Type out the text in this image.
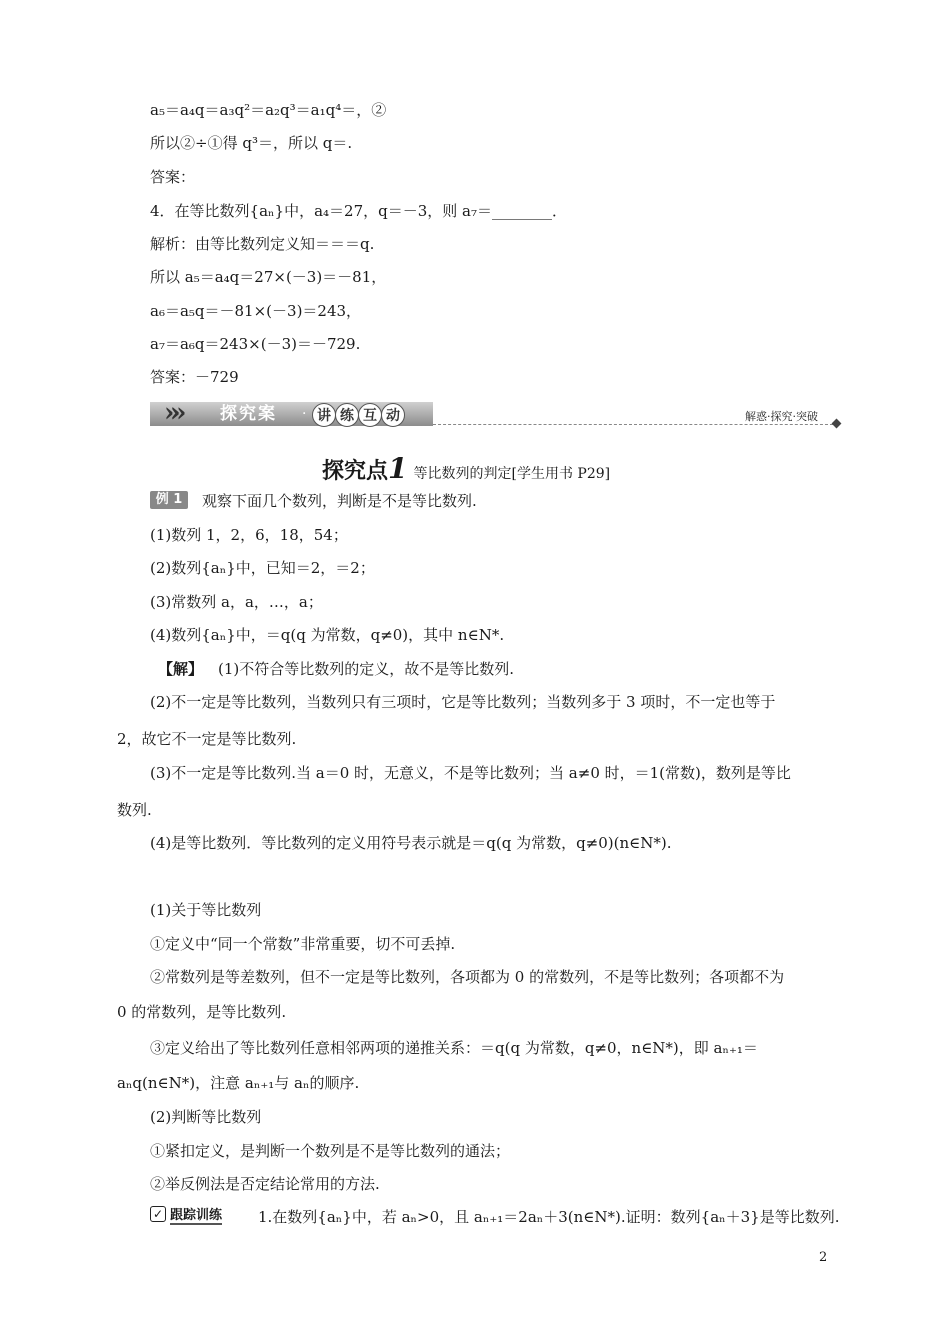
a₅＝a₄q＝a₃q²＝a₂q³＝a₁q⁴＝，②
所以②÷①得 q³＝，所以 q＝.
答案：
4．在等比数列{aₙ}中，a₄＝27，q＝－3，则 a₇＝________．
解析：由等比数列定义知＝＝＝q.
所以 a₅＝a₄q＝27×(－3)＝－81，
a₆＝a₅q＝－81×(－3)＝243，
a₇＝a₆q＝243×(－3)＝－729.
答案：－729
»»	探究案 · 讲 练 互 动	解惑·探究·突破
探究点1 等比数列的判定[学生用书 P29]
例 1	观察下面几个数列，判断是不是等比数列.
(1)数列 1，2，6，18，54；
(2)数列{aₙ}中，已知＝2，＝2；
(3)常数列 a，a，…，a；
(4)数列{aₙ}中，＝q(q 为常数，q≠0)，其中 n∈N*.
【解】 (1)不符合等比数列的定义，故不是等比数列.
(2)不一定是等比数列，当数列只有三项时，它是等比数列；当数列多于 3 项时，不一定也等于
2，故它不一定是等比数列.
(3)不一定是等比数列.当 a＝0 时，无意义，不是等比数列；当 a≠0 时，＝1(常数)，数列是等比
数列.
(4)是等比数列．等比数列的定义用符号表示就是＝q(q 为常数，q≠0)(n∈N*).
(1)关于等比数列
①定义中“同一个常数”非常重要，切不可丢掉.
②常数列是等差数列，但不一定是等比数列，各项都为 0 的常数列，不是等比数列；各项都不为
0 的常数列，是等比数列.
③定义给出了等比数列任意相邻两项的递推关系：＝q(q 为常数，q≠0，n∈N*)，即 aₙ₊₁＝
aₙq(n∈N*)，注意 aₙ₊₁与 aₙ的顺序.
(2)判断等比数列
①紧扣定义，是判断一个数列是不是等比数列的通法；
②举反例法是否定结论常用的方法.
✓ 跟踪训练 1.在数列{aₙ}中，若 aₙ>0，且 aₙ₊₁＝2aₙ＋3(n∈N*).证明：数列{aₙ＋3}是等比数列.
2
